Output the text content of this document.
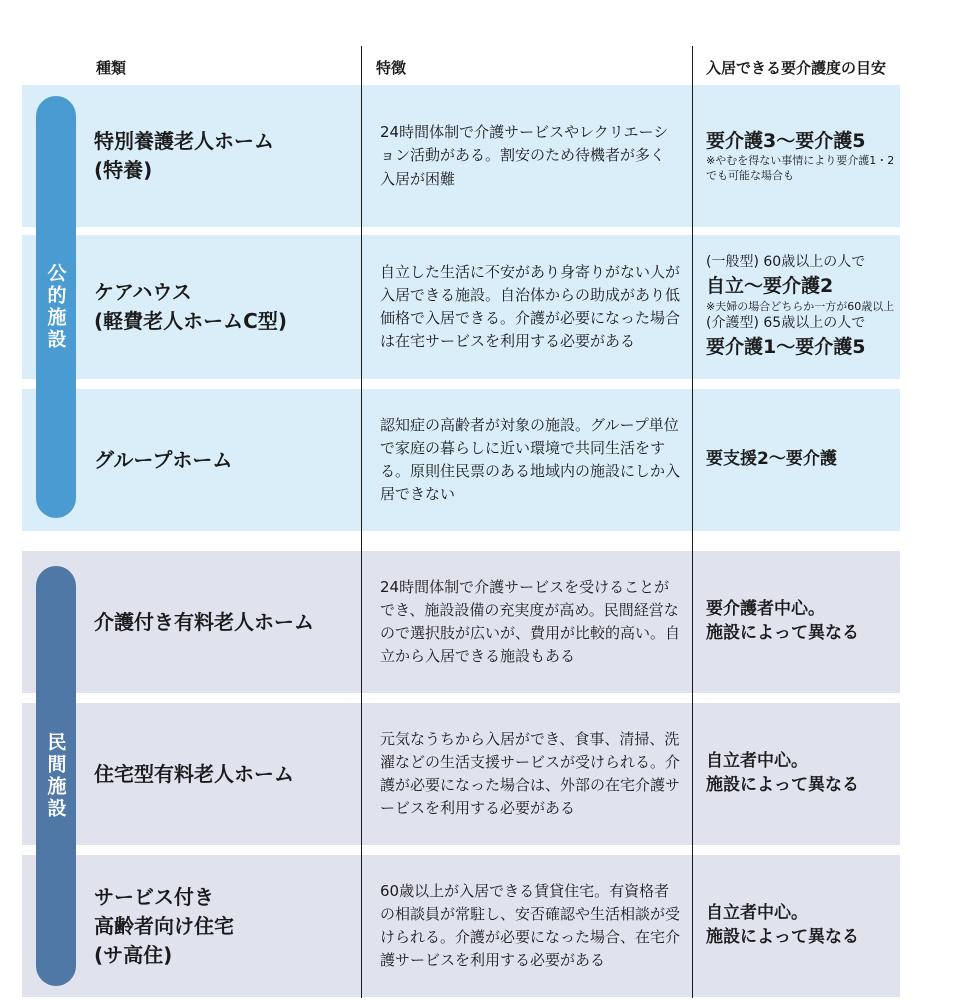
種類	特徴	入居できる要介護度の目安
公的施設
民間施設
特別養護老人ホーム
(特養)
24時間体制で介護サービスやレクリエーション活動がある。割安のため待機者が多く入居が困難
要介護3～要介護5
※やむを得ない事情により要介護1・2でも可能な場合も
ケアハウス
(軽費老人ホームC型)
自立した生活に不安があり身寄りがない人が入居できる施設。自治体からの助成があり低価格で入居できる。介護が必要になった場合は在宅サービスを利用する必要がある
(一般型) 60歳以上の人で
自立～要介護2
※夫婦の場合どちらか一方が60歳以上
(介護型) 65歳以上の人で
要介護1～要介護5
グループホーム
認知症の高齢者が対象の施設。グループ単位で家庭の暮らしに近い環境で共同生活をする。原則住民票のある地域内の施設にしか入居できない
要支援2～要介護
介護付き有料老人ホーム
24時間体制で介護サービスを受けることができ、施設設備の充実度が高め。民間経営なので選択肢が広いが、費用が比較的高い。自立から入居できる施設もある
要介護者中心。
施設によって異なる
住宅型有料老人ホーム
元気なうちから入居ができ、食事、清掃、洗濯などの生活支援サービスが受けられる。介護が必要になった場合は、外部の在宅介護サービスを利用する必要がある
自立者中心。
施設によって異なる
サービス付き
高齢者向け住宅
(サ高住)
60歳以上が入居できる賃貸住宅。有資格者の相談員が常駐し、安否確認や生活相談が受けられる。介護が必要になった場合、在宅介護サービスを利用する必要がある
自立者中心。
施設によって異なる
